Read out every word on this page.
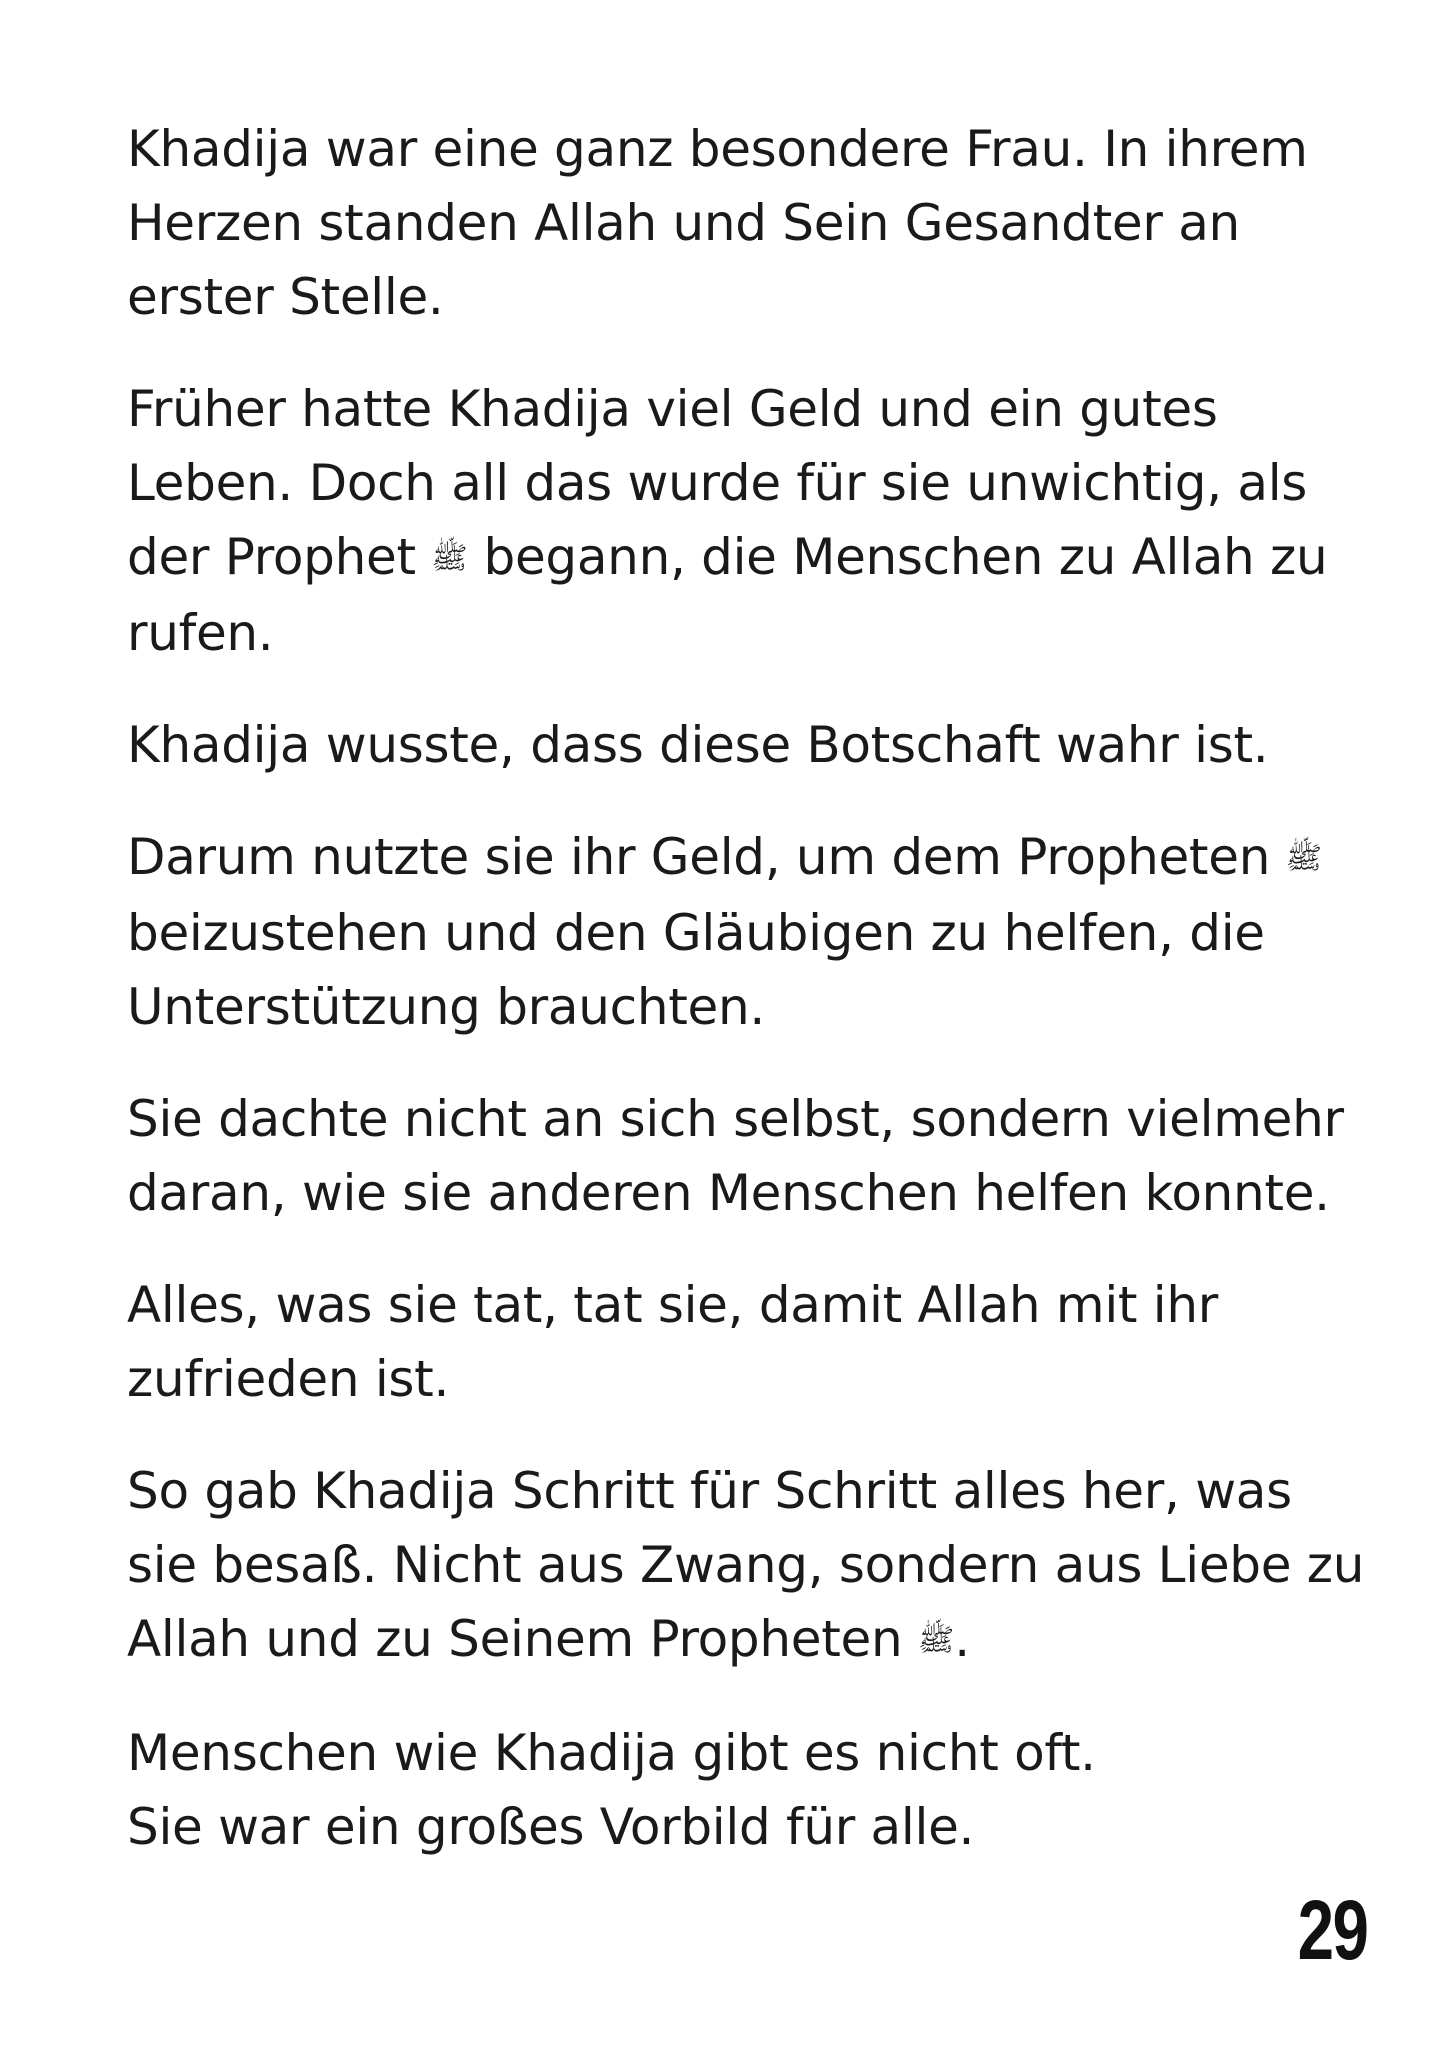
Khadija war eine ganz besondere Frau. In ihrem
Herzen standen Allah und Sein Gesandter an
erster Stelle.

Früher hatte Khadija viel Geld und ein gutes
Leben. Doch all das wurde für sie unwichtig, als
der Prophet ﷺ begann, die Menschen zu Allah zu
rufen.

Khadija wusste, dass diese Botschaft wahr ist.

Darum nutzte sie ihr Geld, um dem Propheten ﷺ
beizustehen und den Gläubigen zu helfen, die
Unterstützung brauchten.

Sie dachte nicht an sich selbst, sondern vielmehr
daran, wie sie anderen Menschen helfen konnte.

Alles, was sie tat, tat sie, damit Allah mit ihr
zufrieden ist.

So gab Khadija Schritt für Schritt alles her, was
sie besaß. Nicht aus Zwang, sondern aus Liebe zu
Allah und zu Seinem Propheten ﷺ.

Menschen wie Khadija gibt es nicht oft.
Sie war ein großes Vorbild für alle.

29
